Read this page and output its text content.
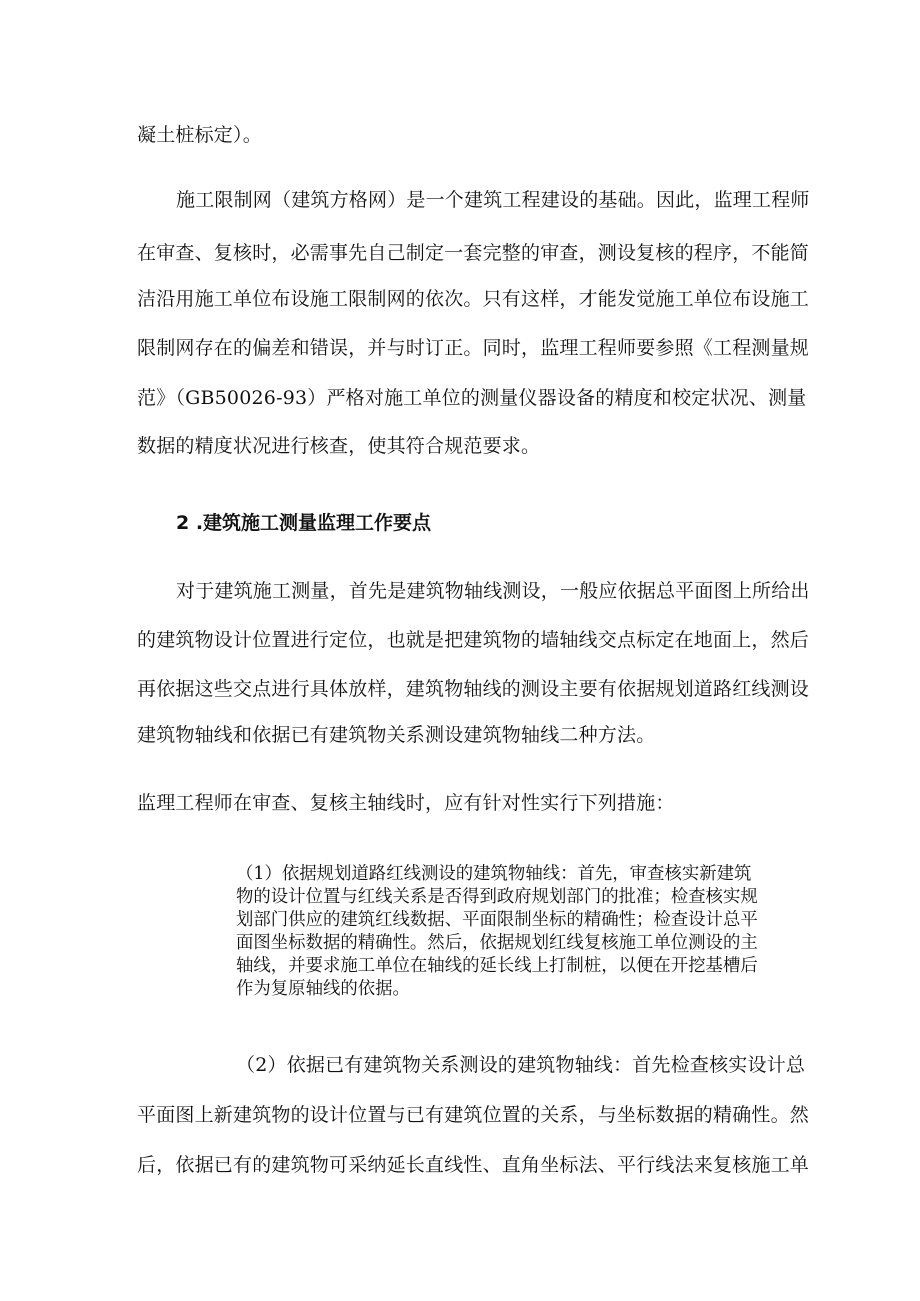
凝土桩标定）。

施工限制网（建筑方格网）是一个建筑工程建设的基础。因此，监理工程师

在审查、复核时，必需事先自己制定一套完整的审查，测设复核的程序，不能简

洁沿用施工单位布设施工限制网的依次。只有这样，才能发觉施工单位布设施工

限制网存在的偏差和错误，并与时订正。同时，监理工程师要参照《工程测量规

范》（GB50026-93）严格对施工单位的测量仪器设备的精度和校定状况、测量

数据的精度状况进行核查，使其符合规范要求。

2 .建筑施工测量监理工作要点

对于建筑施工测量，首先是建筑物轴线测设，一般应依据总平面图上所给出

的建筑物设计位置进行定位，也就是把建筑物的墙轴线交点标定在地面上，然后

再依据这些交点进行具体放样，建筑物轴线的测设主要有依据规划道路红线测设

建筑物轴线和依据已有建筑物关系测设建筑物轴线二种方法。

监理工程师在审查、复核主轴线时，应有针对性实行下列措施：

（1）依据规划道路红线测设的建筑物轴线：首先，审查核实新建筑
物的设计位置与红线关系是否得到政府规划部门的批准；检查核实规
划部门供应的建筑红线数据、平面限制坐标的精确性；检查设计总平
面图坐标数据的精确性。然后，依据规划红线复核施工单位测设的主
轴线，并要求施工单位在轴线的延长线上打制桩，以便在开挖基槽后
作为复原轴线的依据。

（2）依据已有建筑物关系测设的建筑物轴线：首先检查核实设计总

平面图上新建筑物的设计位置与已有建筑位置的关系，与坐标数据的精确性。然

后，依据已有的建筑物可采纳延长直线性、直角坐标法、平行线法来复核施工单
